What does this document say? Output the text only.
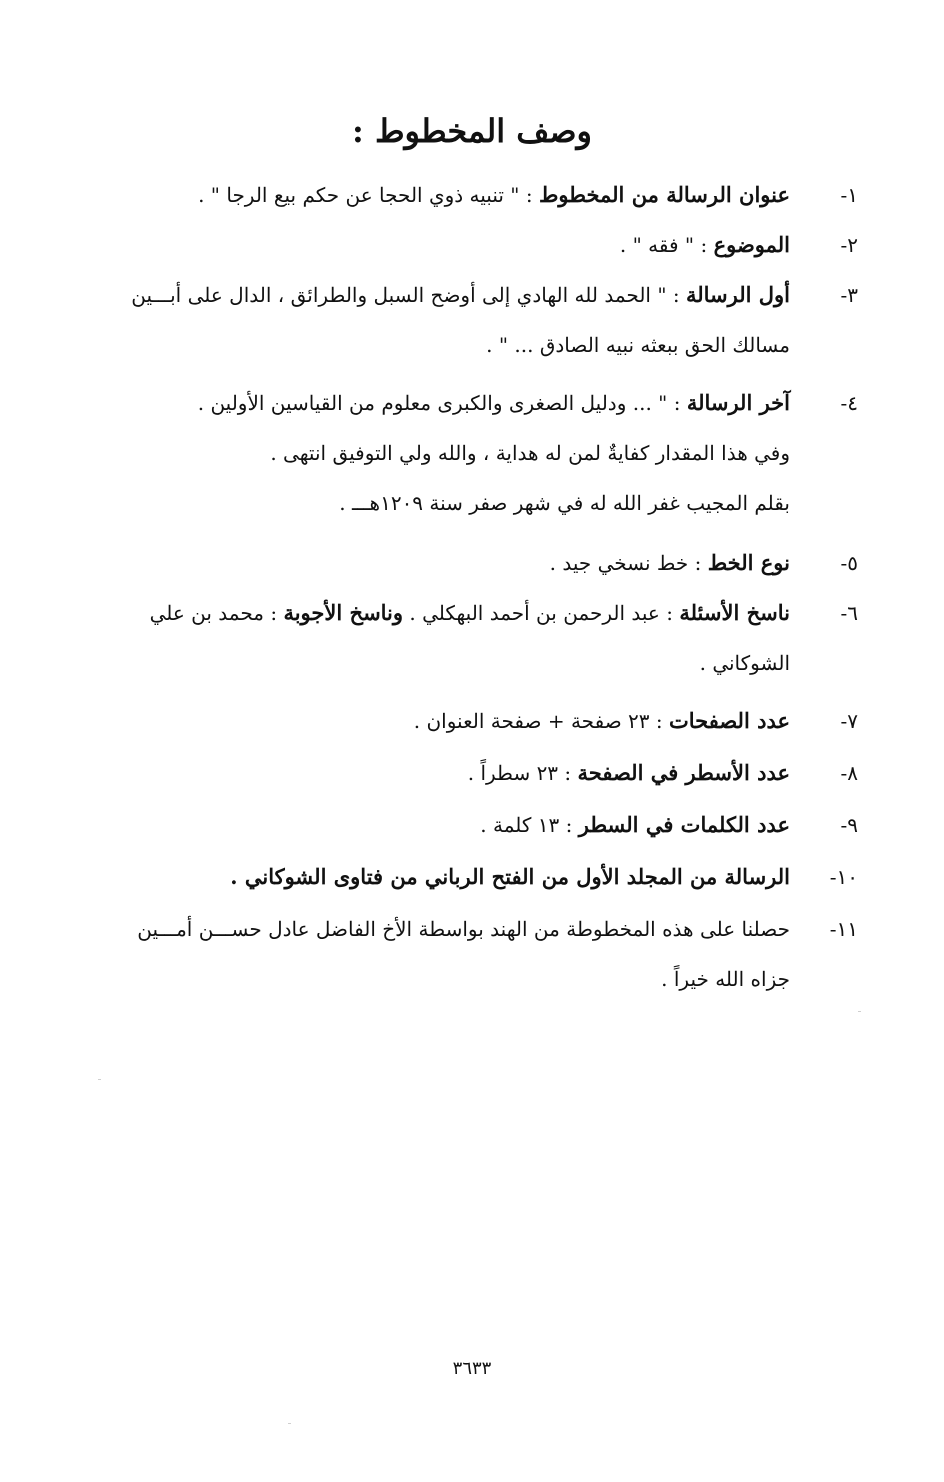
وصف المخطوط :
١-
عنوان الرسالة من المخطوط : " تنبيه ذوي الحجا عن حكم بيع الرجا " .
٢-
الموضوع : " فقه " .
٣-
أول الرسالة : " الحمد لله الهادي إلى أوضح السبل والطرائق ، الدال على أبـــين
مسالك الحق ببعثه نبيه الصادق ... " .
٤-
آخر الرسالة : " ... ودليل الصغرى والكبرى معلوم من القياسين الأولين .
وفي هذا المقدار كفايةٌ لمن له هداية ، والله ولي التوفيق انتهى .
بقلم المجيب غفر الله له في شهر صفر سنة ١٢٠٩هـــ .
٥-
نوع الخط : خط نسخي جيد .
٦-
ناسخ الأسئلة : عبد الرحمن بن أحمد البهكلي . وناسخ الأجوبة : محمد بن علي
الشوكاني .
٧-
عدد الصفحات : ٢٣ صفحة + صفحة العنوان .
٨-
عدد الأسطر في الصفحة : ٢٣ سطراً .
٩-
عدد الكلمات في السطر : ١٣ كلمة .
١٠-
الرسالة من المجلد الأول من الفتح الرباني من فتاوى الشوكاني .
١١-
حصلنا على هذه المخطوطة من الهند بواسطة الأخ الفاضل عادل حســـن أمـــين
جزاه الله خيراً .
٣٦٣٣
